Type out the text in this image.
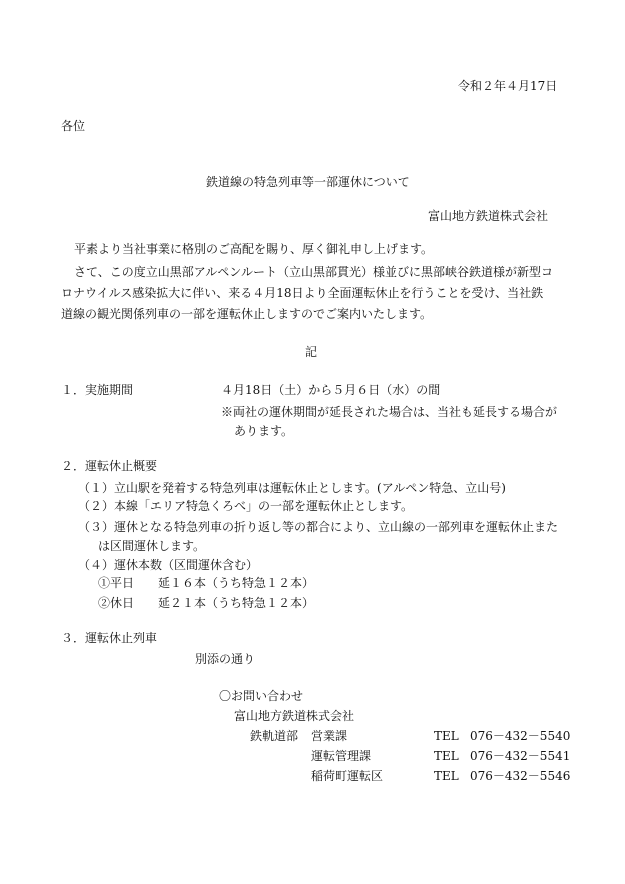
令和２年４月17日
各位
鉄道線の特急列車等一部運休について
富山地方鉄道株式会社
平素より当社事業に格別のご高配を賜り、厚く御礼申し上げます。
さて、この度立山黒部アルペンルート（立山黒部貫光）様並びに黒部峡谷鉄道様が新型コ
ロナウイルス感染拡大に伴い、来る４月18日より全面運転休止を行うことを受け、当社鉄
道線の観光関係列車の一部を運転休止しますのでご案内いたします。
記
１．実施期間	４月18日（土）から５月６日（水）の間
※両社の運休期間が延長された場合は、当社も延長する場合が
あります。
２．運転休止概要
（１）立山駅を発着する特急列車は運転休止とします。(アルペン特急、立山号)
（２）本線「エリア特急くろべ」の一部を運転休止とします。
（３）運休となる特急列車の折り返し等の都合により、立山線の一部列車を運転休止また
は区間運休します。
（４）運休本数（区間運休含む）
①平日　　延１６本（うち特急１２本）
②休日　　延２１本（うち特急１２本）
３．運転休止列車
別添の通り
〇お問い合わせ
富山地方鉄道株式会社
鉄軌道部 営業課	TEL 076－432－5540
運転管理課	TEL 076－432－5541
稲荷町運転区	TEL 076－432－5546
